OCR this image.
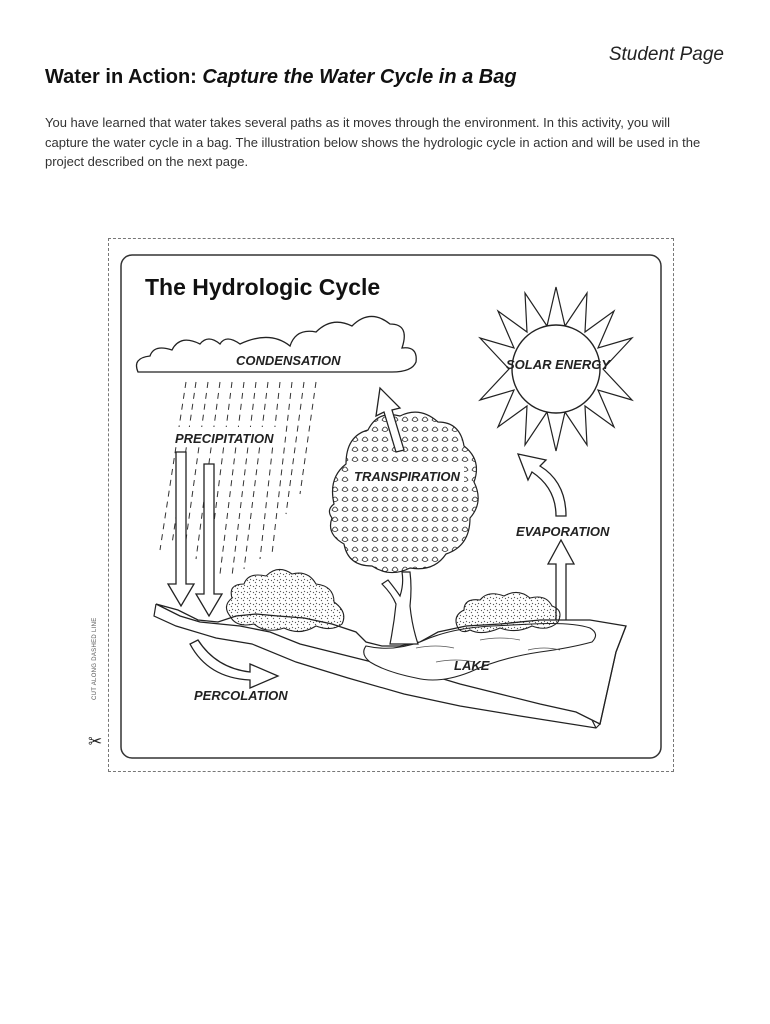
Student Page
Water in Action: Capture the Water Cycle in a Bag

You have learned that water takes several paths as it moves through the environment. In this activity, you will capture the water cycle in a bag. The illustration below shows the hydrologic cycle in action and will be used in the project described on the next page.

CUT ALONG DASHED LINE
✂
The Hydrologic Cycle
CONDENSATION
PRECIPITATION
SOLAR ENERGY
EVAPORATION
LAKE
TRANSPIRATION
PERCOLATION
